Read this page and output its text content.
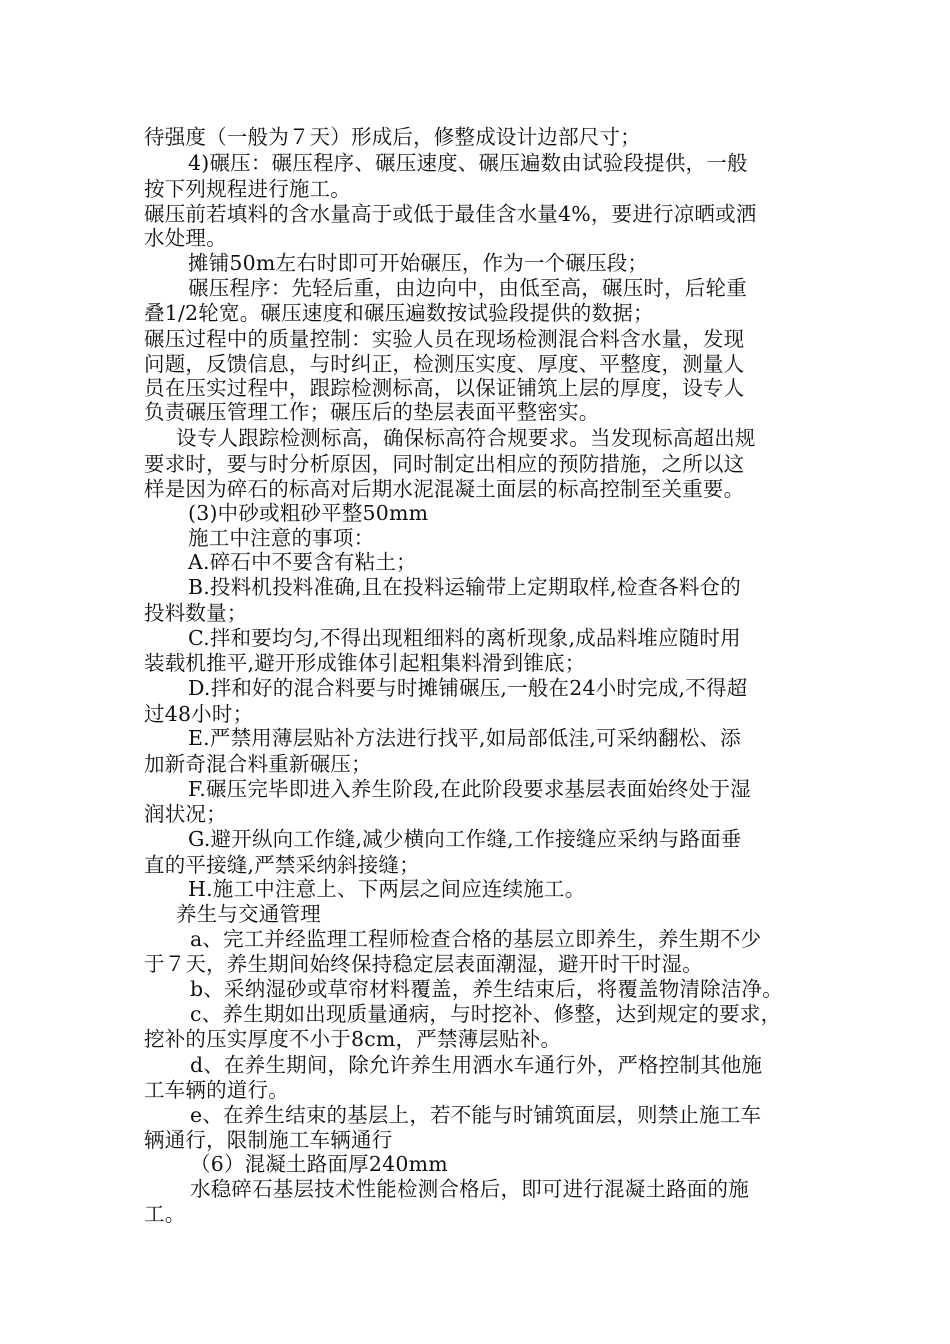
待强度（一般为７天）形成后，修整成设计边部尺寸；
4)碾压：碾压程序、碾压速度、碾压遍数由试验段提供，一般
按下列规程进行施工。
碾压前若填料的含水量高于或低于最佳含水量4%，要进行凉晒或洒
水处理。
摊铺50m左右时即可开始碾压，作为一个碾压段；
碾压程序：先轻后重，由边向中，由低至高，碾压时，后轮重
叠1/2轮宽。碾压速度和碾压遍数按试验段提供的数据；
碾压过程中的质量控制：实验人员在现场检测混合料含水量，发现
问题，反馈信息，与时纠正，检测压实度、厚度、平整度，测量人
员在压实过程中，跟踪检测标高，以保证铺筑上层的厚度，设专人
负责碾压管理工作；碾压后的垫层表面平整密实。
设专人跟踪检测标高，确保标高符合规要求。当发现标高超出规
要求时，要与时分析原因，同时制定出相应的预防措施，之所以这
样是因为碎石的标高对后期水泥混凝土面层的标高控制至关重要。
(3)中砂或粗砂平整50mm
施工中注意的事项：
A.碎石中不要含有粘土；
B.投料机投料准确,且在投料运输带上定期取样,检查各料仓的
投料数量；
C.拌和要均匀,不得出现粗细料的离析现象,成品料堆应随时用
装载机推平,避开形成锥体引起粗集料滑到锥底；
D.拌和好的混合料要与时摊铺碾压,一般在24小时完成,不得超
过48小时；
E.严禁用薄层贴补方法进行找平,如局部低洼,可采纳翻松、添
加新奇混合料重新碾压；
F.碾压完毕即进入养生阶段,在此阶段要求基层表面始终处于湿
润状况；
G.避开纵向工作缝,减少横向工作缝,工作接缝应采纳与路面垂
直的平接缝,严禁采纳斜接缝；
H.施工中注意上、下两层之间应连续施工。
养生与交通管理
a、完工并经监理工程师检查合格的基层立即养生，养生期不少
于７天，养生期间始终保持稳定层表面潮湿，避开时干时湿。
b、采纳湿砂或草帘材料覆盖，养生结束后，将覆盖物清除洁净。
c、养生期如出现质量通病，与时挖补、修整，达到规定的要求，
挖补的压实厚度不小于8cm，严禁薄层贴补。
d、在养生期间，除允许养生用洒水车通行外，严格控制其他施
工车辆的道行。
e、在养生结束的基层上，若不能与时铺筑面层，则禁止施工车
辆通行，限制施工车辆通行
（6）混凝土路面厚240mm
水稳碎石基层技术性能检测合格后，即可进行混凝土路面的施
工。
